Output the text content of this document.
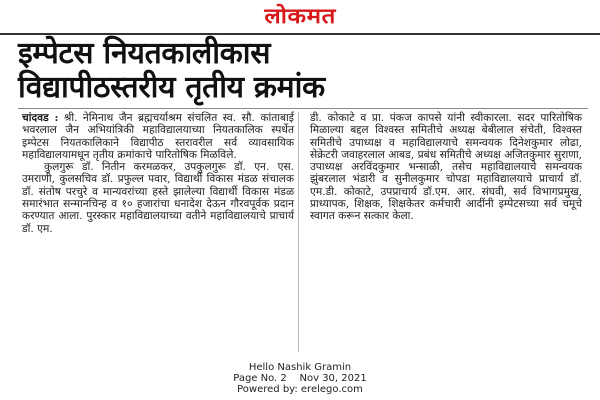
लोकमत
इम्पेटस नियतकालीकास
विद्यापीठस्तरीय तृतीय क्रमांक

चांदवड : श्री. नेमिनाथ जैन ब्रह्मचर्याश्रम संचलित स्व. सौ. कांताबाई भवरलाल जैन अभियांत्रिकी महाविद्यालयाच्या नियतकालिक स्पर्धेत इम्पेटस नियतकालिकाने विद्यापीठ स्तरावरील सर्व व्यावसायिक महाविद्यालयामधून तृतीय क्रमांकाचे पारितोषिक मिळविले.

कुलगुरू डॉ. नितीन करमळकर, उपकुलगुरू डॉ. एन. एस. उमराणी, कुलसचिव डॉ. प्रफुल्ल पवार, विद्यार्थी विकास मंडळ संचालक डॉ. संतोष परचुरे व मान्यवरांच्या हस्ते झालेल्या विद्यार्थी विकास मंडळ समारंभात सन्मानचिन्ह व १० हजारांचा धनादेश देऊन गौरवपूर्वक प्रदान करण्यात आला. पुरस्कार महाविद्यालयाच्या वतीने महाविद्यालयाचे प्राचार्य डॉ. एम.

डी. कोकाटे व प्रा. पंकज कापसे यांनी स्वीकारला. सदर पारितोषिक मिळाल्या बद्दल विश्वस्त समितीचे अध्यक्ष बेबीलाल संचेती, विश्वस्त समितीचे उपाध्यक्ष व महाविद्यालयाचे समन्वयक दिनेशकुमार लोढा, सेक्रेटरी जवाहरलाल आबड, प्रबंध समितीचे अध्यक्ष अजितकुमार सुराणा, उपाध्यक्ष अरविंदकुमार भन्साळी, तसेच महाविद्यालयाचे समन्वयक झुंबरलाल भंडारी व सुनीलकुमार चोपडा महाविद्यालयाचे प्राचार्य डॉ. एम.डी. कोकाटे, उपप्राचार्य डॉ.एम. आर. संघवी, सर्व विभागप्रमुख, प्राध्यापक, शिक्षक, शिक्षकेतर कर्मचारी आदींनी इम्पेटसच्या सर्व चमूचे स्वागत करून सत्कार केला.

Hello Nashik Gramin
Page No. 2    Nov 30, 2021
Powered by: erelego.com
